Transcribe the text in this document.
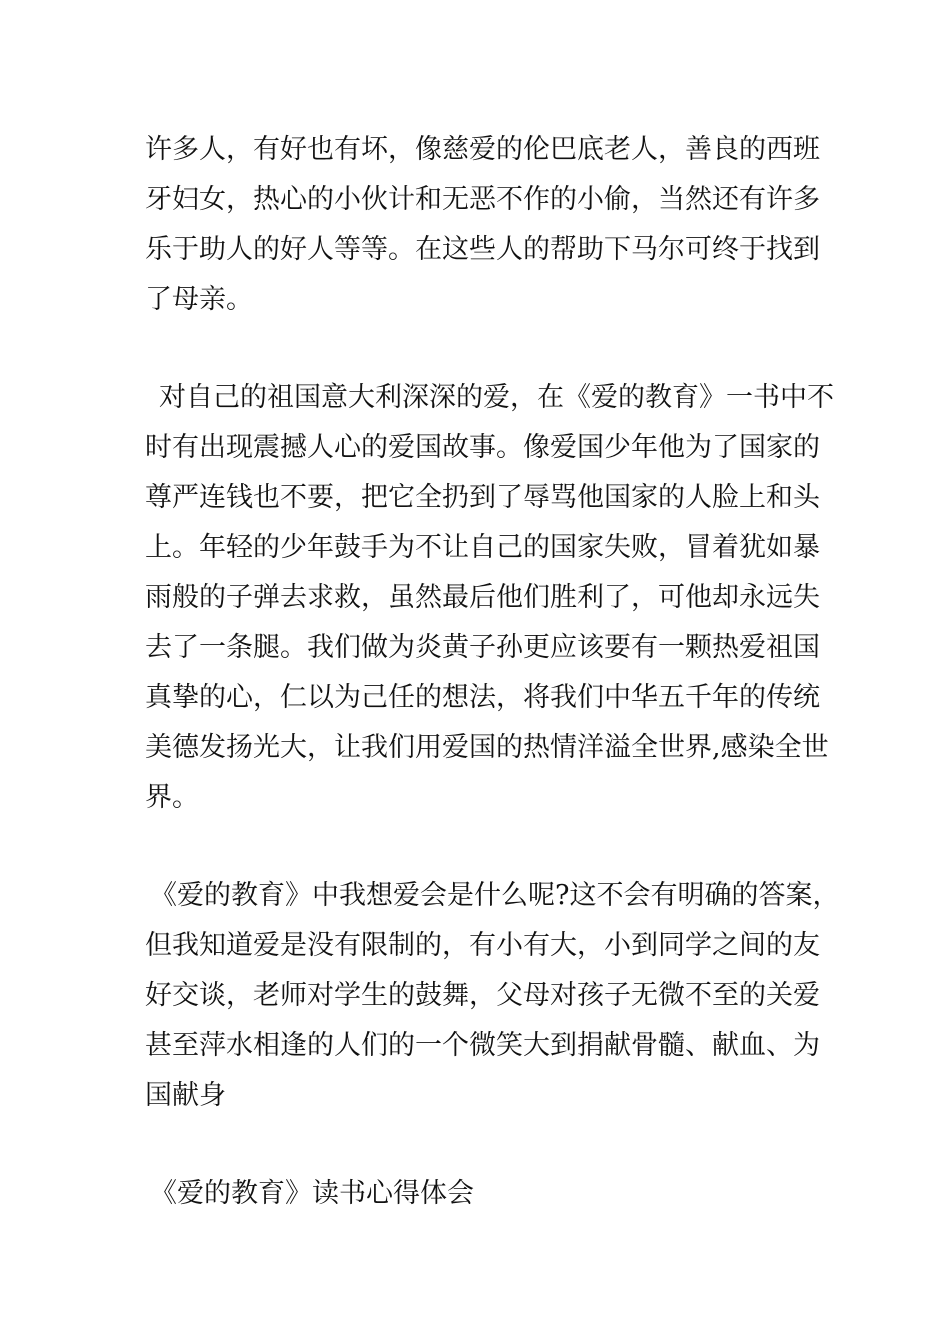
许多人，有好也有坏，像慈爱的伦巴底老人，善良的西班

牙妇女，热心的小伙计和无恶不作的小偷，当然还有许多

乐于助人的好人等等。在这些人的帮助下马尔可终于找到

了母亲。

对自己的祖国意大利深深的爱，在《爱的教育》一书中不

时有出现震撼人心的爱国故事。像爱国少年他为了国家的

尊严连钱也不要，把它全扔到了辱骂他国家的人脸上和头

上。年轻的少年鼓手为不让自己的国家失败，冒着犹如暴

雨般的子弹去求救，虽然最后他们胜利了，可他却永远失

去了一条腿。我们做为炎黄子孙更应该要有一颗热爱祖国

真挚的心，仁以为己任的想法，将我们中华五千年的传统

美德发扬光大，让我们用爱国的热情洋溢全世界,感染全世

界。

《爱的教育》中我想爱会是什么呢?这不会有明确的答案，

但我知道爱是没有限制的，有小有大，小到同学之间的友

好交谈，老师对学生的鼓舞，父母对孩子无微不至的关爱

甚至萍水相逢的人们的一个微笑大到捐献骨髓、献血、为

国献身

《爱的教育》读书心得体会
